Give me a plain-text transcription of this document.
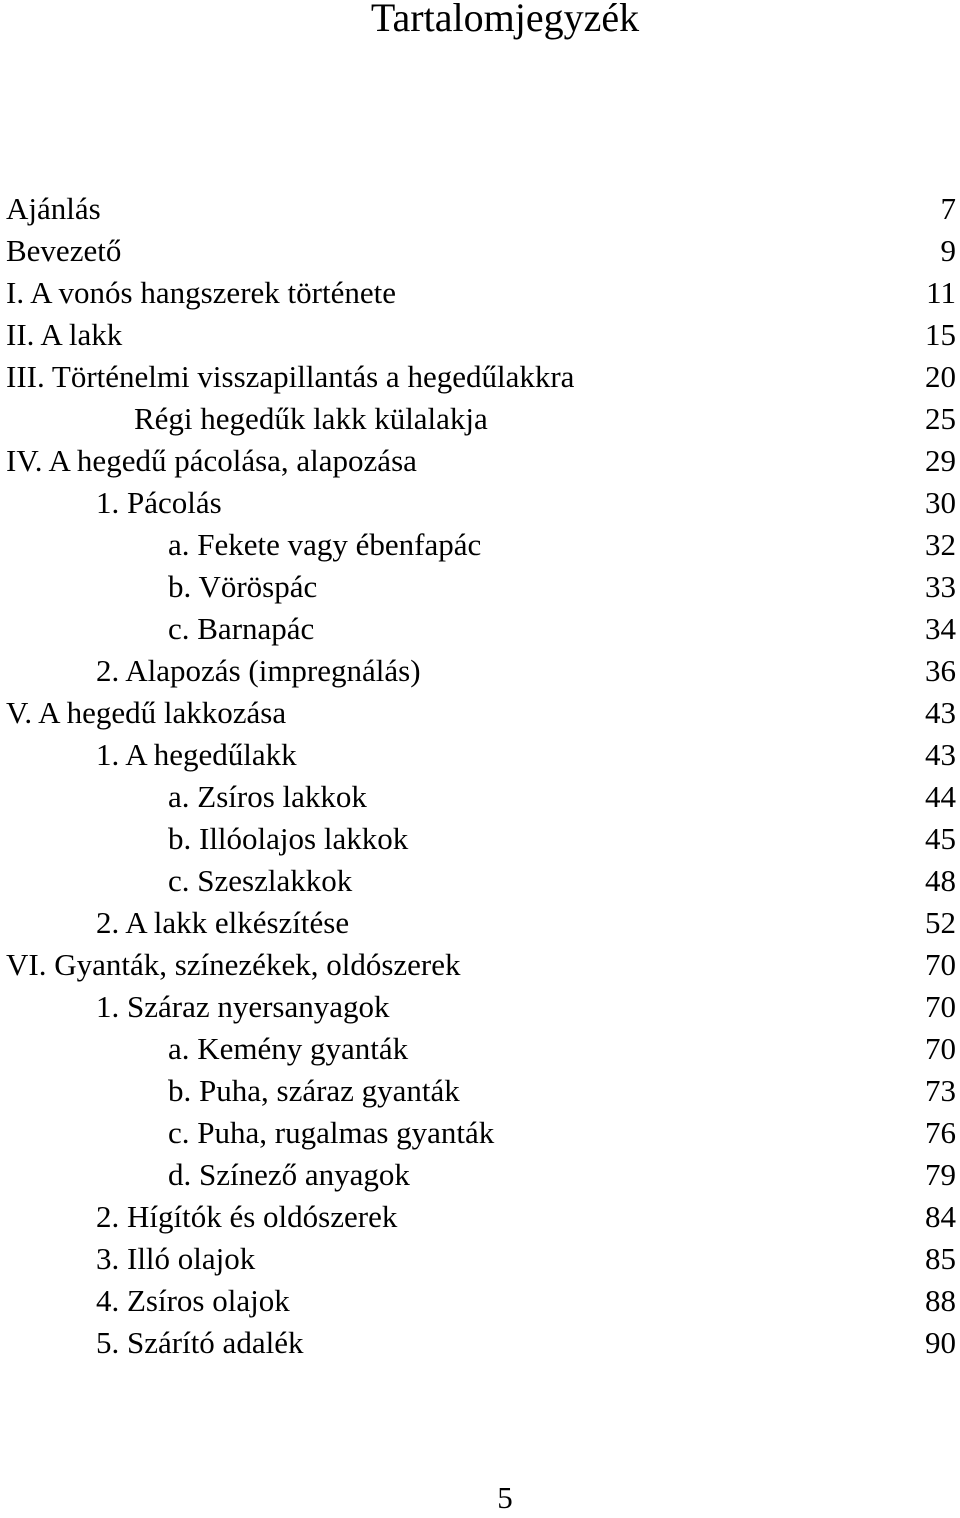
Tartalomjegyzék
Ajánlás	7
Bevezető	9
I. A vonós hangszerek története	11
II. A lakk	15
III. Történelmi visszapillantás a hegedűlakkra	20
Régi hegedűk lakk külalakja	25
IV. A hegedű pácolása, alapozása	29
1. Pácolás	30
a. Fekete vagy ébenfapác	32
b. Vöröspác	33
c. Barnapác	34
2. Alapozás (impregnálás)	36
V. A hegedű lakkozása	43
1. A hegedűlakk	43
a. Zsíros lakkok	44
b. Illóolajos lakkok	45
c. Szeszlakkok	48
2. A lakk elkészítése	52
VI. Gyanták, színezékek, oldószerek	70
1. Száraz nyersanyagok	70
a. Kemény gyanták	70
b. Puha, száraz gyanták	73
c. Puha, rugalmas gyanták	76
d. Színező anyagok	79
2. Hígítók és oldószerek	84
3. Illó olajok	85
4. Zsíros olajok	88
5. Szárító adalék	90
5
